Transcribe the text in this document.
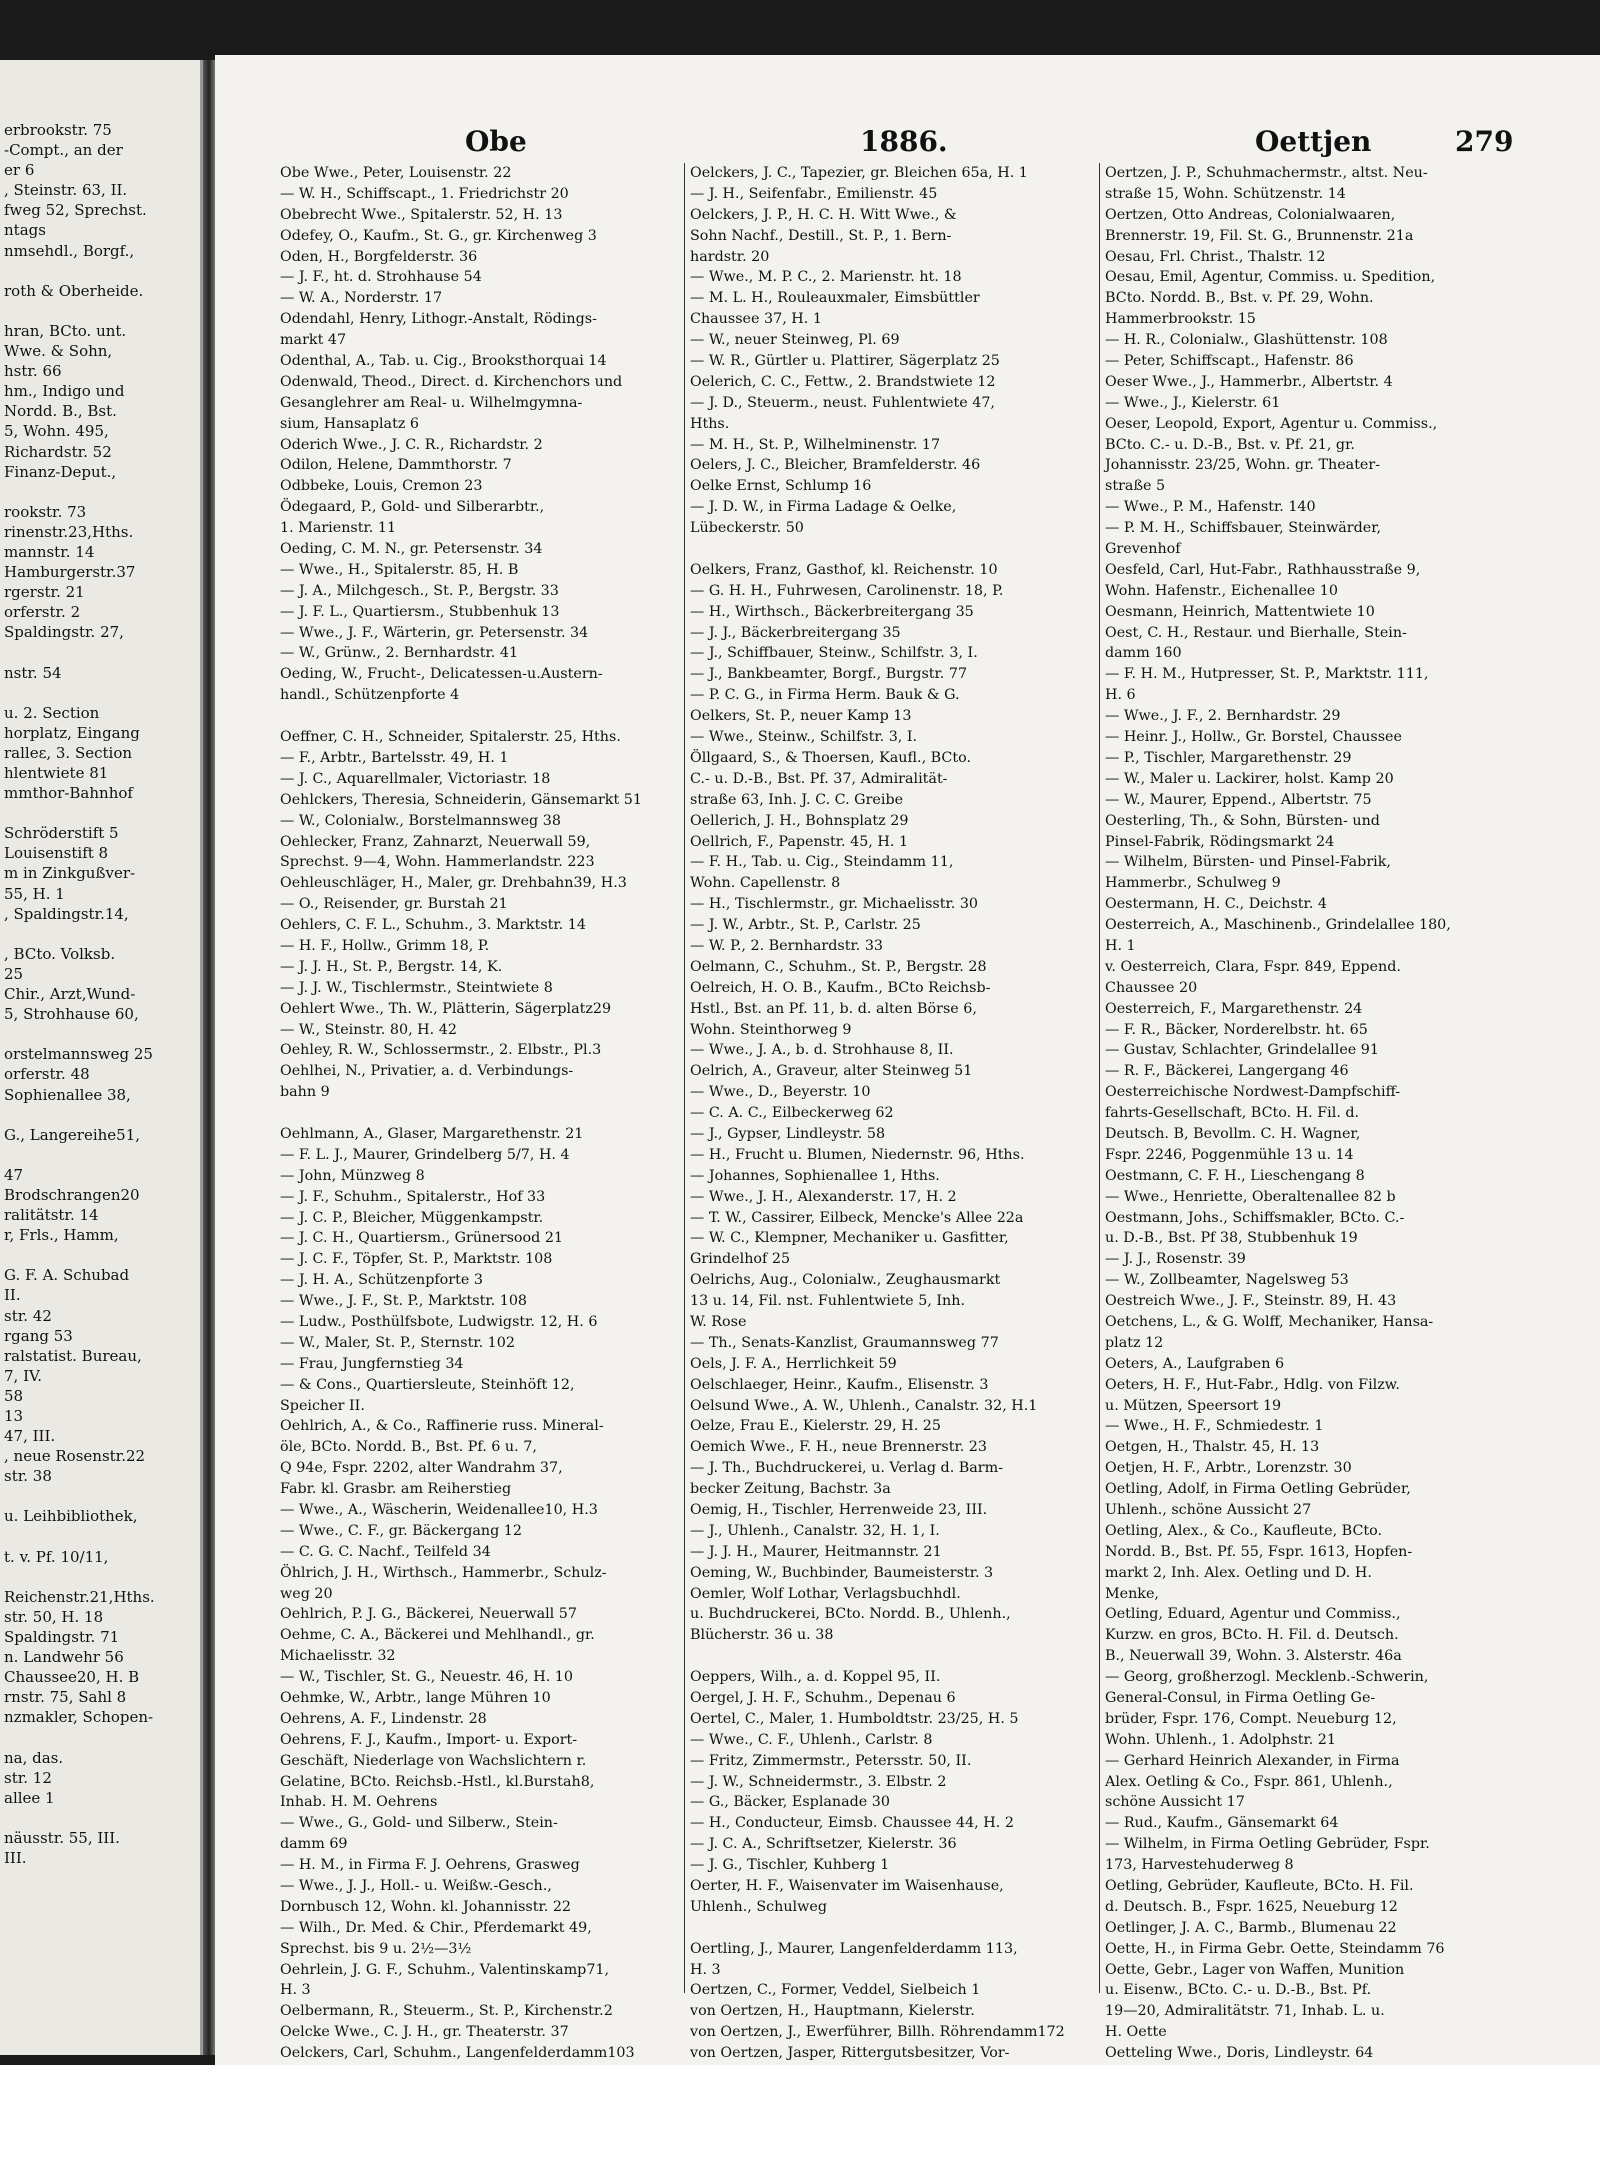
erbrookstr. 75
-Compt., an der
er 6
, Steinstr. 63, II.
fweg 52, Sprechst.
ntags
nmsehdl., Borgf.,
roth & Oberheide.
hran, BCto. unt.
Wwe. & Sohn,
hstr. 66
hm., Indigo und
Nordd. B., Bst.
5, Wohn. 495,
Richardstr. 52
Finanz-Deput.,
rookstr. 73
rinenstr.23,Hths.
mannstr. 14
Hamburgerstr.37
rgerstr. 21
orferstr. 2
Spaldingstr. 27,
nstr. 54
u. 2. Section
horplatz, Eingang
ralleε, 3. Section
hlentwiete 81
mmthor-Bahnhof
Schröderstift 5
Louisenstift 8
m in Zinkgußver-
55, H. 1
, Spaldingstr.14,
, BCto. Volksb.
25
Chir., Arzt,Wund-
5, Strohhause 60,
orstelmannsweg 25
orferstr. 48
Sophienallee 38,
G., Langereihe51,
47
Brodschrangen20
ralitätstr. 14
r, Frls., Hamm,
G. F. A. Schubad
II.
str. 42
rgang 53
ralstatist. Bureau,
7, IV.
58
13
47, III.
, neue Rosenstr.22
str. 38
u. Leihbibliothek,
t. v. Pf. 10/11,
Reichenstr.21,Hths.
str. 50, H. 18
Spaldingstr. 71
n. Landwehr 56
Chaussee20, H. B
rnstr. 75, Sahl 8
nzmakler, Schopen-
na, das.
str. 12
allee 1
näusstr. 55, III.
III.
Obe	1886.	Oettjen	279
Obe Wwe., Peter, Louisenstr. 22
— W. H., Schiffscapt., 1. Friedrichstr 20
Obebrecht Wwe., Spitalerstr. 52, H. 13
Odefey, O., Kaufm., St. G., gr. Kirchenweg 3
Oden, H., Borgfelderstr. 36
— J. F., ht. d. Strohhause 54
— W. A., Norderstr. 17
Odendahl, Henry, Lithogr.-Anstalt, Rödings-
markt 47
Odenthal, A., Tab. u. Cig., Brooksthorquai 14
Odenwald, Theod., Direct. d. Kirchenchors und
Gesanglehrer am Real- u. Wilhelmgymna-
sium, Hansaplatz 6
Oderich Wwe., J. C. R., Richardstr. 2
Odilon, Helene, Dammthorstr. 7
Odbbeke, Louis, Cremon 23
Ödegaard, P., Gold- und Silberarbtr.,
1. Marienstr. 11
Oeding, C. M. N., gr. Petersenstr. 34
— Wwe., H., Spitalerstr. 85, H. B
— J. A., Milchgesch., St. P., Bergstr. 33
— J. F. L., Quartiersm., Stubbenhuk 13
— Wwe., J. F., Wärterin, gr. Petersenstr. 34
— W., Grünw., 2. Bernhardstr. 41
Oeding, W., Frucht-, Delicatessen-u.Austern-
handl., Schützenpforte 4
Oeffner, C. H., Schneider, Spitalerstr. 25, Hths.
— F., Arbtr., Bartelsstr. 49, H. 1
— J. C., Aquarellmaler, Victoriastr. 18
Oehlckers, Theresia, Schneiderin, Gänsemarkt 51
— W., Colonialw., Borstelmannsweg 38
Oehlecker, Franz, Zahnarzt, Neuerwall 59,
Sprechst. 9—4, Wohn. Hammerlandstr. 223
Oehleuschläger, H., Maler, gr. Drehbahn39, H.3
— O., Reisender, gr. Burstah 21
Oehlers, C. F. L., Schuhm., 3. Marktstr. 14
— H. F., Hollw., Grimm 18, P.
— J. J. H., St. P., Bergstr. 14, K.
— J. J. W., Tischlermstr., Steintwiete 8
Oehlert Wwe., Th. W., Plätterin, Sägerplatz29
— W., Steinstr. 80, H. 42
Oehley, R. W., Schlossermstr., 2. Elbstr., Pl.3
Oehlhei, N., Privatier, a. d. Verbindungs-
bahn 9
Oehlmann, A., Glaser, Margarethenstr. 21
— F. L. J., Maurer, Grindelberg 5/7, H. 4
— John, Münzweg 8
— J. F., Schuhm., Spitalerstr., Hof 33
— J. C. P., Bleicher, Müggenkampstr.
— J. C. H., Quartiersm., Grünersood 21
— J. C. F., Töpfer, St. P., Marktstr. 108
— J. H. A., Schützenpforte 3
— Wwe., J. F., St. P., Marktstr. 108
— Ludw., Posthülfsbote, Ludwigstr. 12, H. 6
— W., Maler, St. P., Sternstr. 102
— Frau, Jungfernstieg 34
— & Cons., Quartiersleute, Steinhöft 12,
Speicher II.
Oehlrich, A., & Co., Raffinerie russ. Mineral-
öle, BCto. Nordd. B., Bst. Pf. 6 u. 7,
Q 94e, Fspr. 2202, alter Wandrahm 37,
Fabr. kl. Grasbr. am Reiherstieg
— Wwe., A., Wäscherin, Weidenallee10, H.3
— Wwe., C. F., gr. Bäckergang 12
— C. G. C. Nachf., Teilfeld 34
Öhlrich, J. H., Wirthsch., Hammerbr., Schulz-
weg 20
Oehlrich, P. J. G., Bäckerei, Neuerwall 57
Oehme, C. A., Bäckerei und Mehlhandl., gr.
Michaelisstr. 32
— W., Tischler, St. G., Neuestr. 46, H. 10
Oehmke, W., Arbtr., lange Mühren 10
Oehrens, A. F., Lindenstr. 28
Oehrens, F. J., Kaufm., Import- u. Export-
Geschäft, Niederlage von Wachslichtern r.
Gelatine, BCto. Reichsb.-Hstl., kl.Burstah8,
Inhab. H. M. Oehrens
— Wwe., G., Gold- und Silberw., Stein-
damm 69
— H. M., in Firma F. J. Oehrens, Grasweg
— Wwe., J. J., Holl.- u. Weißw.-Gesch.,
Dornbusch 12, Wohn. kl. Johannisstr. 22
— Wilh., Dr. Med. & Chir., Pferdemarkt 49,
Sprechst. bis 9 u. 2½—3½
Oehrlein, J. G. F., Schuhm., Valentinskamp71,
H. 3
Oelbermann, R., Steuerm., St. P., Kirchenstr.2
Oelcke Wwe., C. J. H., gr. Theaterstr. 37
Oelckers, Carl, Schuhm., Langenfelderdamm103
Oelckers, J. C., Tapezier, gr. Bleichen 65a, H. 1
— J. H., Seifenfabr., Emilienstr. 45
Oelckers, J. P., H. C. H. Witt Wwe., &
Sohn Nachf., Destill., St. P., 1. Bern-
hardstr. 20
— Wwe., M. P. C., 2. Marienstr. ht. 18
— M. L. H., Rouleauxmaler, Eimsbüttler
Chaussee 37, H. 1
— W., neuer Steinweg, Pl. 69
— W. R., Gürtler u. Plattirer, Sägerplatz 25
Oelerich, C. C., Fettw., 2. Brandstwiete 12
— J. D., Steuerm., neust. Fuhlentwiete 47,
Hths.
— M. H., St. P., Wilhelminenstr. 17
Oelers, J. C., Bleicher, Bramfelderstr. 46
Oelke Ernst, Schlump 16
— J. D. W., in Firma Ladage & Oelke,
Lübeckerstr. 50
Oelkers, Franz, Gasthof, kl. Reichenstr. 10
— G. H. H., Fuhrwesen, Carolinenstr. 18, P.
— H., Wirthsch., Bäckerbreitergang 35
— J. J., Bäckerbreitergang 35
— J., Schiffbauer, Steinw., Schilfstr. 3, I.
— J., Bankbeamter, Borgf., Burgstr. 77
— P. C. G., in Firma Herm. Bauk & G.
Oelkers, St. P., neuer Kamp 13
— Wwe., Steinw., Schilfstr. 3, I.
Öllgaard, S., & Thoersen, Kaufl., BCto.
C.- u. D.-B., Bst. Pf. 37, Admiralität-
straße 63, Inh. J. C. C. Greibe
Oellerich, J. H., Bohnsplatz 29
Oellrich, F., Papenstr. 45, H. 1
— F. H., Tab. u. Cig., Steindamm 11,
Wohn. Capellenstr. 8
— H., Tischlermstr., gr. Michaelisstr. 30
— J. W., Arbtr., St. P., Carlstr. 25
— W. P., 2. Bernhardstr. 33
Oelmann, C., Schuhm., St. P., Bergstr. 28
Oelreich, H. O. B., Kaufm., BCto Reichsb-
Hstl., Bst. an Pf. 11, b. d. alten Börse 6,
Wohn. Steinthorweg 9
— Wwe., J. A., b. d. Strohhause 8, II.
Oelrich, A., Graveur, alter Steinweg 51
— Wwe., D., Beyerstr. 10
— C. A. C., Eilbeckerweg 62
— J., Gypser, Lindleystr. 58
— H., Frucht u. Blumen, Niedernstr. 96, Hths.
— Johannes, Sophienallee 1, Hths.
— Wwe., J. H., Alexanderstr. 17, H. 2
— T. W., Cassirer, Eilbeck, Mencke's Allee 22a
— W. C., Klempner, Mechaniker u. Gasfitter,
Grindelhof 25
Oelrichs, Aug., Colonialw., Zeughausmarkt
13 u. 14, Fil. nst. Fuhlentwiete 5, Inh.
W. Rose
— Th., Senats-Kanzlist, Graumannsweg 77
Oels, J. F. A., Herrlichkeit 59
Oelschlaeger, Heinr., Kaufm., Elisenstr. 3
Oelsund Wwe., A. W., Uhlenh., Canalstr. 32, H.1
Oelze, Frau E., Kielerstr. 29, H. 25
Oemich Wwe., F. H., neue Brennerstr. 23
— J. Th., Buchdruckerei, u. Verlag d. Barm-
becker Zeitung, Bachstr. 3a
Oemig, H., Tischler, Herrenweide 23, III.
— J., Uhlenh., Canalstr. 32, H. 1, I.
— J. J. H., Maurer, Heitmannstr. 21
Oeming, W., Buchbinder, Baumeisterstr. 3
Oemler, Wolf Lothar, Verlagsbuchhdl.
u. Buchdruckerei, BCto. Nordd. B., Uhlenh.,
Blücherstr. 36 u. 38
Oeppers, Wilh., a. d. Koppel 95, II.
Oergel, J. H. F., Schuhm., Depenau 6
Oertel, C., Maler, 1. Humboldtstr. 23/25, H. 5
— Wwe., C. F., Uhlenh., Carlstr. 8
— Fritz, Zimmermstr., Petersstr. 50, II.
— J. W., Schneidermstr., 3. Elbstr. 2
— G., Bäcker, Esplanade 30
— H., Conducteur, Eimsb. Chaussee 44, H. 2
— J. C. A., Schriftsetzer, Kielerstr. 36
— J. G., Tischler, Kuhberg 1
Oerter, H. F., Waisenvater im Waisenhause,
Uhlenh., Schulweg
Oertling, J., Maurer, Langenfelderdamm 113,
H. 3
Oertzen, C., Former, Veddel, Sielbeich 1
von Oertzen, H., Hauptmann, Kielerstr.
von Oertzen, J., Ewerführer, Billh. Röhrendamm172
von Oertzen, Jasper, Rittergutsbesitzer, Vor-
Oertzen, J. P., Schuhmachermstr., altst. Neu-
straße 15, Wohn. Schützenstr. 14
Oertzen, Otto Andreas, Colonialwaaren,
Brennerstr. 19, Fil. St. G., Brunnenstr. 21a
Oesau, Frl. Christ., Thalstr. 12
Oesau, Emil, Agentur, Commiss. u. Spedition,
BCto. Nordd. B., Bst. v. Pf. 29, Wohn.
Hammerbrookstr. 15
— H. R., Colonialw., Glashüttenstr. 108
— Peter, Schiffscapt., Hafenstr. 86
Oeser Wwe., J., Hammerbr., Albertstr. 4
— Wwe., J., Kielerstr. 61
Oeser, Leopold, Export, Agentur u. Commiss.,
BCto. C.- u. D.-B., Bst. v. Pf. 21, gr.
Johannisstr. 23/25, Wohn. gr. Theater-
straße 5
— Wwe., P. M., Hafenstr. 140
— P. M. H., Schiffsbauer, Steinwärder,
Grevenhof
Oesfeld, Carl, Hut-Fabr., Rathhausstraße 9,
Wohn. Hafenstr., Eichenallee 10
Oesmann, Heinrich, Mattentwiete 10
Oest, C. H., Restaur. und Bierhalle, Stein-
damm 160
— F. H. M., Hutpresser, St. P., Marktstr. 111,
H. 6
— Wwe., J. F., 2. Bernhardstr. 29
— Heinr. J., Hollw., Gr. Borstel, Chaussee
— P., Tischler, Margarethenstr. 29
— W., Maler u. Lackirer, holst. Kamp 20
— W., Maurer, Eppend., Albertstr. 75
Oesterling, Th., & Sohn, Bürsten- und
Pinsel-Fabrik, Rödingsmarkt 24
— Wilhelm, Bürsten- und Pinsel-Fabrik,
Hammerbr., Schulweg 9
Oestermann, H. C., Deichstr. 4
Oesterreich, A., Maschinenb., Grindelallee 180,
H. 1
v. Oesterreich, Clara, Fspr. 849, Eppend.
Chaussee 20
Oesterreich, F., Margarethenstr. 24
— F. R., Bäcker, Norderelbstr. ht. 65
— Gustav, Schlachter, Grindelallee 91
— R. F., Bäckerei, Langergang 46
Oesterreichische Nordwest-Dampfschiff-
fahrts-Gesellschaft, BCto. H. Fil. d.
Deutsch. B, Bevollm. C. H. Wagner,
Fspr. 2246, Poggenmühle 13 u. 14
Oestmann, C. F. H., Lieschengang 8
— Wwe., Henriette, Oberaltenallee 82 b
Oestmann, Johs., Schiffsmakler, BCto. C.-
u. D.-B., Bst. Pf 38, Stubbenhuk 19
— J. J., Rosenstr. 39
— W., Zollbeamter, Nagelsweg 53
Oestreich Wwe., J. F., Steinstr. 89, H. 43
Oetchens, L., & G. Wolff, Mechaniker, Hansa-
platz 12
Oeters, A., Laufgraben 6
Oeters, H. F., Hut-Fabr., Hdlg. von Filzw.
u. Mützen, Speersort 19
— Wwe., H. F., Schmiedestr. 1
Oetgen, H., Thalstr. 45, H. 13
Oetjen, H. F., Arbtr., Lorenzstr. 30
Oetling, Adolf, in Firma Oetling Gebrüder,
Uhlenh., schöne Aussicht 27
Oetling, Alex., & Co., Kaufleute, BCto.
Nordd. B., Bst. Pf. 55, Fspr. 1613, Hopfen-
markt 2, Inh. Alex. Oetling und D. H.
Menke,
Oetling, Eduard, Agentur und Commiss.,
Kurzw. en gros, BCto. H. Fil. d. Deutsch.
B., Neuerwall 39, Wohn. 3. Alsterstr. 46a
— Georg, großherzogl. Mecklenb.-Schwerin,
General-Consul, in Firma Oetling Ge-
brüder, Fspr. 176, Compt. Neueburg 12,
Wohn. Uhlenh., 1. Adolphstr. 21
— Gerhard Heinrich Alexander, in Firma
Alex. Oetling & Co., Fspr. 861, Uhlenh.,
schöne Aussicht 17
— Rud., Kaufm., Gänsemarkt 64
— Wilhelm, in Firma Oetling Gebrüder, Fspr.
173, Harvestehuderweg 8
Oetling, Gebrüder, Kaufleute, BCto. H. Fil.
d. Deutsch. B., Fspr. 1625, Neueburg 12
Oetlinger, J. A. C., Barmb., Blumenau 22
Oette, H., in Firma Gebr. Oette, Steindamm 76
Oette, Gebr., Lager von Waffen, Munition
u. Eisenw., BCto. C.- u. D.-B., Bst. Pf.
19—20, Admiralitätstr. 71, Inhab. L. u.
H. Oette
Oetteling Wwe., Doris, Lindleystr. 64
